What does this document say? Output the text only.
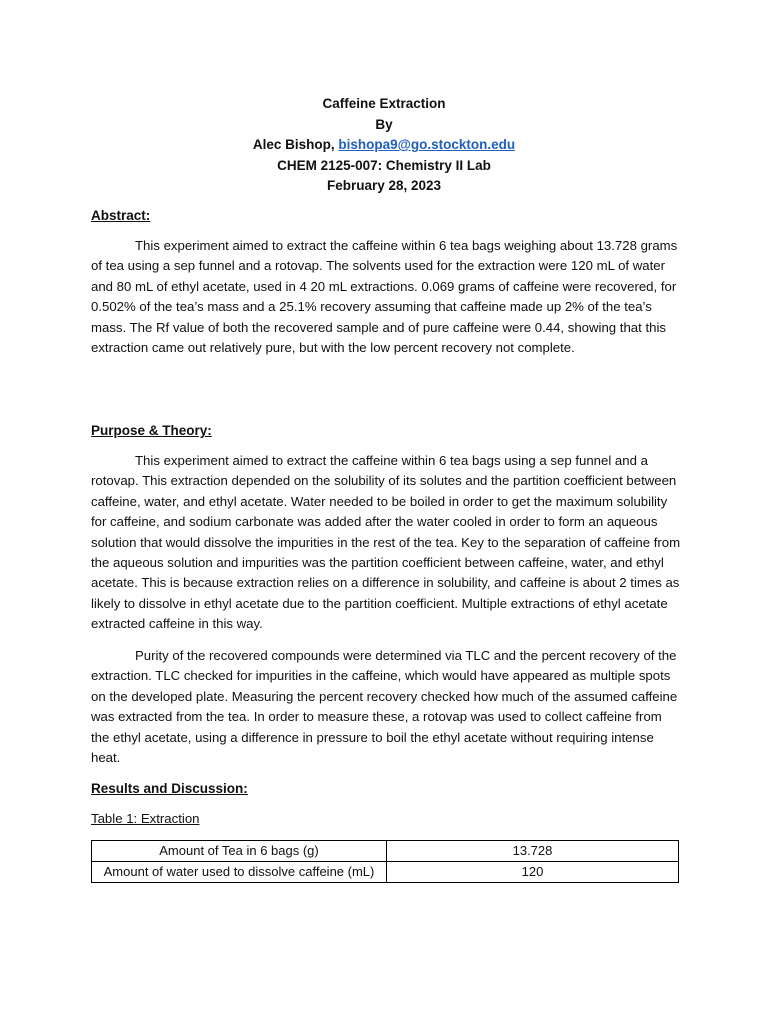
Caffeine Extraction
By
Alec Bishop, bishopa9@go.stockton.edu
CHEM 2125-007: Chemistry II Lab
February 28, 2023

Abstract:

This experiment aimed to extract the caffeine within 6 tea bags weighing about 13.728 grams of tea using a sep funnel and a rotovap. The solvents used for the extraction were 120 mL of water and 80 mL of ethyl acetate, used in 4 20 mL extractions. 0.069 grams of caffeine were recovered, for 0.502% of the tea’s mass and a 25.1% recovery assuming that caffeine made up 2% of the tea’s mass. The Rf value of both the recovered sample and of pure caffeine were 0.44, showing that this extraction came out relatively pure, but with the low percent recovery not complete.

Purpose & Theory:

This experiment aimed to extract the caffeine within 6 tea bags using a sep funnel and a rotovap. This extraction depended on the solubility of its solutes and the partition coefficient between caffeine, water, and ethyl acetate. Water needed to be boiled in order to get the maximum solubility for caffeine, and sodium carbonate was added after the water cooled in order to form an aqueous solution that would dissolve the impurities in the rest of the tea. Key to the separation of caffeine from the aqueous solution and impurities was the partition coefficient between caffeine, water, and ethyl acetate. This is because extraction relies on a difference in solubility, and caffeine is about 2 times as likely to dissolve in ethyl acetate due to the partition coefficient. Multiple extractions of ethyl acetate extracted caffeine in this way.

Purity of the recovered compounds were determined via TLC and the percent recovery of the extraction. TLC checked for impurities in the caffeine, which would have appeared as multiple spots on the developed plate. Measuring the percent recovery checked how much of the assumed caffeine was extracted from the tea. In order to measure these, a rotovap was used to collect caffeine from the ethyl acetate, using a difference in pressure to boil the ethyl acetate without requiring intense heat.

Results and Discussion:

Table 1: Extraction

Amount of Tea in 6 bags (g)	13.728
Amount of water used to dissolve caffeine (mL)	120
